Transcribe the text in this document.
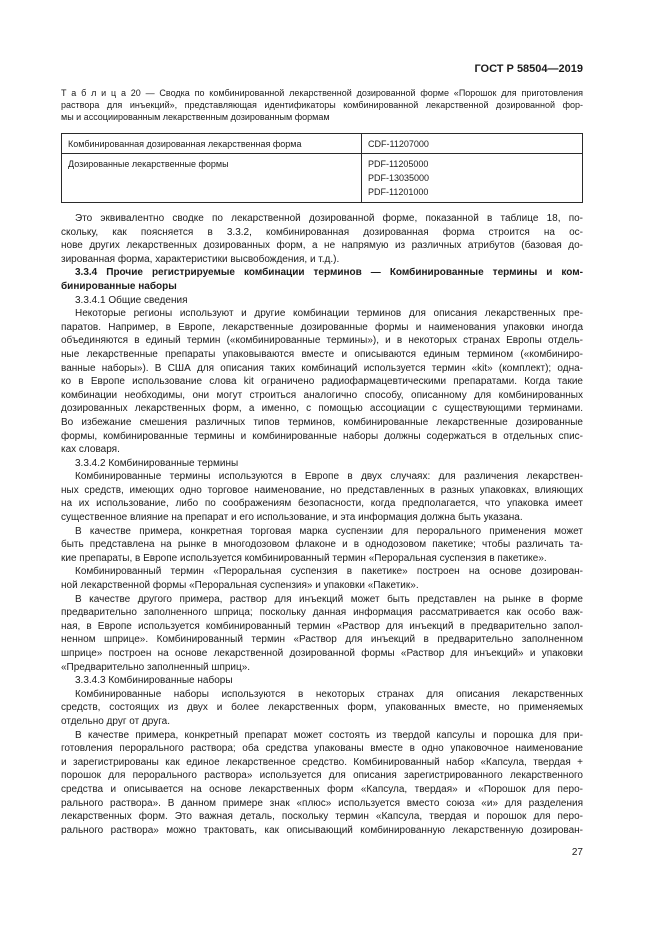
ГОСТ Р 58504—2019
Т а б л и ц а 20 — Сводка по комбинированной лекарственной дозированной форме «Порошок для приготовления
раствора для инъекций», представляющая идентификаторы комбинированной лекарственной дозированной фор-
мы и ассоциированным лекарственным дозированным формам
Комбинированная дозированная лекарственная форма	CDF-11207000

Дозированные лекарственные формы	PDF-11205000
PDF-13035000
PDF-11201000
Это эквивалентно сводке по лекарственной дозированной форме, показанной в таблице 18, по-
скольку, как поясняется в 3.3.2, комбинированная дозированная форма строится на ос-
нове других лекарственных дозированных форм, а не напрямую из различных атрибутов (базовая до-
зированная форма, характеристики высвобождения, и т.д.).
3.3.4 Прочие регистрируемые комбинации терминов — Комбинированные термины и ком-
бинированные наборы
3.3.4.1 Общие сведения
Некоторые регионы используют и другие комбинации терминов для описания лекарственных пре-
паратов. Например, в Европе, лекарственные дозированные формы и наименования упаковки иногда
объединяются в единый термин («комбинированные термины»), и в некоторых странах Европы отдель-
ные лекарственные препараты упаковываются вместе и описываются единым термином («комбиниро-
ванные наборы»). В США для описания таких комбинаций используется термин «kit» (комплект); одна-
ко в Европе использование слова kit ограничено радиофармацевтическими препаратами. Когда такие
комбинации необходимы, они могут строиться аналогично способу, описанному для комбинированных
дозированных лекарственных форм, а именно, с помощью ассоциации с существующими терминами.
Во избежание смешения различных типов терминов, комбинированные лекарственные дозированные
формы, комбинированные термины и комбинированные наборы должны содержаться в отдельных спис-
ках словаря.
3.3.4.2 Комбинированные термины
Комбинированные термины используются в Европе в двух случаях: для различения лекарствен-
ных средств, имеющих одно торговое наименование, но представленных в разных упаковках, влияющих
на их использование, либо по соображениям безопасности, когда предполагается, что упаковка имеет
существенное влияние на препарат и его использование, и эта информация должна быть указана.
В качестве примера, конкретная торговая марка суспензии для перорального применения может
быть представлена на рынке в многодозовом флаконе и в однодозовом пакетике; чтобы различать та-
кие препараты, в Европе используется комбинированный термин «Пероральная суспензия в пакетике».
Комбинированный термин «Пероральная суспензия в пакетике» построен на основе дозирован-
ной лекарственной формы «Пероральная суспензия» и упаковки «Пакетик».
В качестве другого примера, раствор для инъекций может быть представлен на рынке в форме
предварительно заполненного шприца; поскольку данная информация рассматривается как особо важ-
ная, в Европе используется комбинированный термин «Раствор для инъекций в предварительно запол-
ненном шприце». Комбинированный термин «Раствор для инъекций в предварительно заполненном
шприце» построен на основе лекарственной дозированной формы «Раствор для инъекций» и упаковки
«Предварительно заполненный шприц».
3.3.4.3 Комбинированные наборы
Комбинированные наборы используются в некоторых странах для описания лекарственных
средств, состоящих из двух и более лекарственных форм, упакованных вместе, но применяемых
отдельно друг от друга.
В качестве примера, конкретный препарат может состоять из твердой капсулы и порошка для при-
готовления перорального раствора; оба средства упакованы вместе в одно упаковочное наименование
и зарегистрированы как единое лекарственное средство. Комбинированный набор «Капсула, твердая +
порошок для перорального раствора» используется для описания зарегистрированного лекарственного
средства и описывается на основе лекарственных форм «Капсула, твердая» и «Порошок для перо-
рального раствора». В данном примере знак «плюс» используется вместо союза «и» для разделения
лекарственных форм. Это важная деталь, поскольку термин «Капсула, твердая и порошок для перо-
рального раствора» можно трактовать, как описывающий комбинированную лекарственную дозирован-
27
